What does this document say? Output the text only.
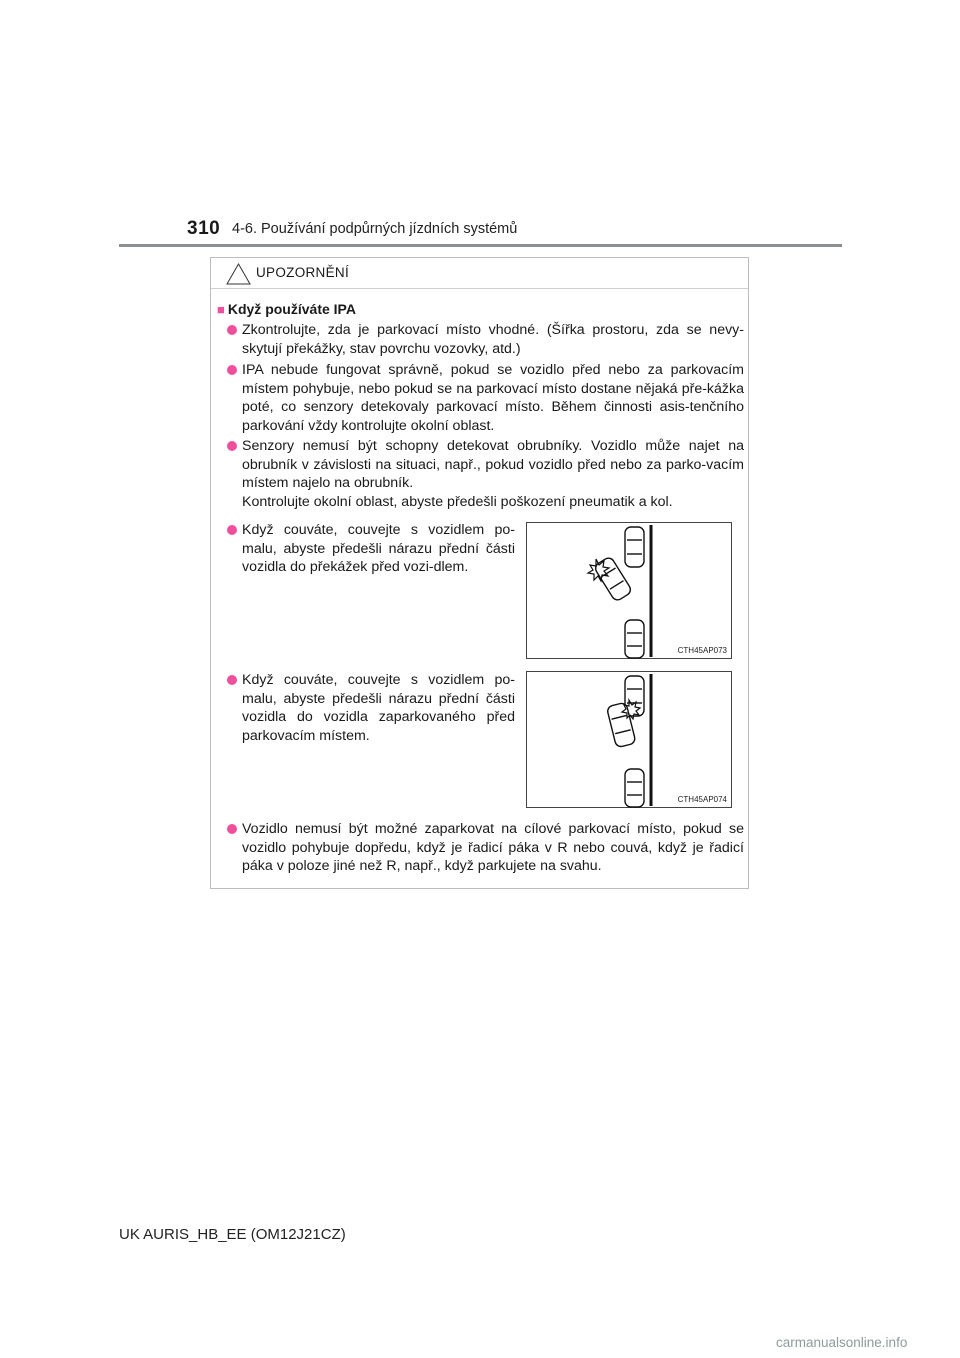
310 4-6. Používání podpůrných jízdních systémů
UPOZORNĚNÍ
■ Když používáte IPA
Zkontrolujte, zda je parkovací místo vhodné. (Šířka prostoru, zda se nevy-skytují překážky, stav povrchu vozovky, atd.)
IPA nebude fungovat správně, pokud se vozidlo před nebo za parkovacím místem pohybuje, nebo pokud se na parkovací místo dostane nějaká pře-kážka poté, co senzory detekovaly parkovací místo. Během činnosti asis-tenčního parkování vždy kontrolujte okolní oblast.
Senzory nemusí být schopny detekovat obrubníky. Vozidlo může najet na obrubník v závislosti na situaci, např., pokud vozidlo před nebo za parko-vacím místem najelo na obrubník.
Kontrolujte okolní oblast, abyste předešli poškození pneumatik a kol.
Když couváte, couvejte s vozidlem po-malu, abyste předešli nárazu přední části vozidla do překážek před vozi-dlem.
CTH45AP073
Když couváte, couvejte s vozidlem po-malu, abyste předešli nárazu přední části vozidla do vozidla zaparkovaného před parkovacím místem.
CTH45AP074
Vozidlo nemusí být možné zaparkovat na cílové parkovací místo, pokud se vozidlo pohybuje dopředu, když je řadicí páka v R nebo couvá, když je řadicí páka v poloze jiné než R, např., když parkujete na svahu.
UK AURIS_HB_EE (OM12J21CZ)
carmanualsonline.info
